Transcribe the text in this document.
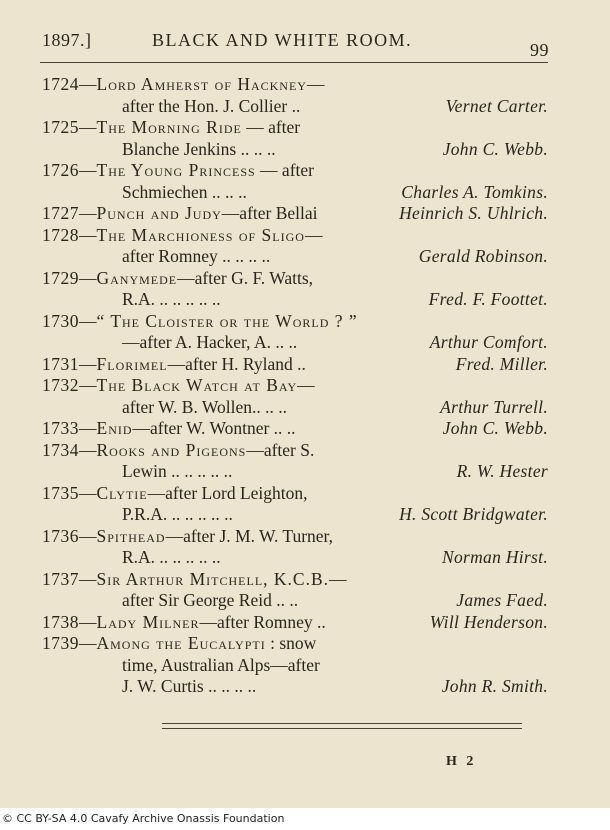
1897.]	BLACK AND WHITE ROOM.	99
1724—Lord Amherst of Hackney—
after the Hon. J. Collier ..	Vernet Carter.
1725—The Morning Ride — after
Blanche Jenkins .. .. ..	John C. Webb.
1726—The Young Princess — after
Schmiechen .. .. ..	Charles A. Tomkins.
1727—Punch and Judy—after Bellai	Heinrich S. Uhlrich.
1728—The Marchioness of Sligo—
after Romney .. .. .. ..	Gerald Robinson.
1729—Ganymede—after G. F. Watts,
R.A. .. .. .. .. ..	Fred. F. Foottet.
1730—“ The Cloister or the World ? ”
—after A. Hacker, A. .. ..	Arthur Comfort.
1731—Florimel—after H. Ryland ..	Fred. Miller.
1732—The Black Watch at Bay—
after W. B. Wollen.. .. ..	Arthur Turrell.
1733—Enid—after W. Wontner .. ..	John C. Webb.
1734—Rooks and Pigeons—after S.
Lewin .. .. .. .. ..	R. W. Hester
1735—Clytie—after Lord Leighton,
P.R.A. .. .. .. .. ..	H. Scott Bridgwater.
1736—Spithead—after J. M. W. Turner,
R.A. .. .. .. .. ..	Norman Hirst.
1737—Sir Arthur Mitchell, K.C.B.—
after Sir George Reid .. ..	James Faed.
1738—Lady Milner—after Romney ..	Will Henderson.
1739—Among the Eucalypti : snow
time, Australian Alps—after
J. W. Curtis .. .. .. ..	John R. Smith.
H 2
© CC BY-SA 4.0 Cavafy Archive Onassis Foundation
